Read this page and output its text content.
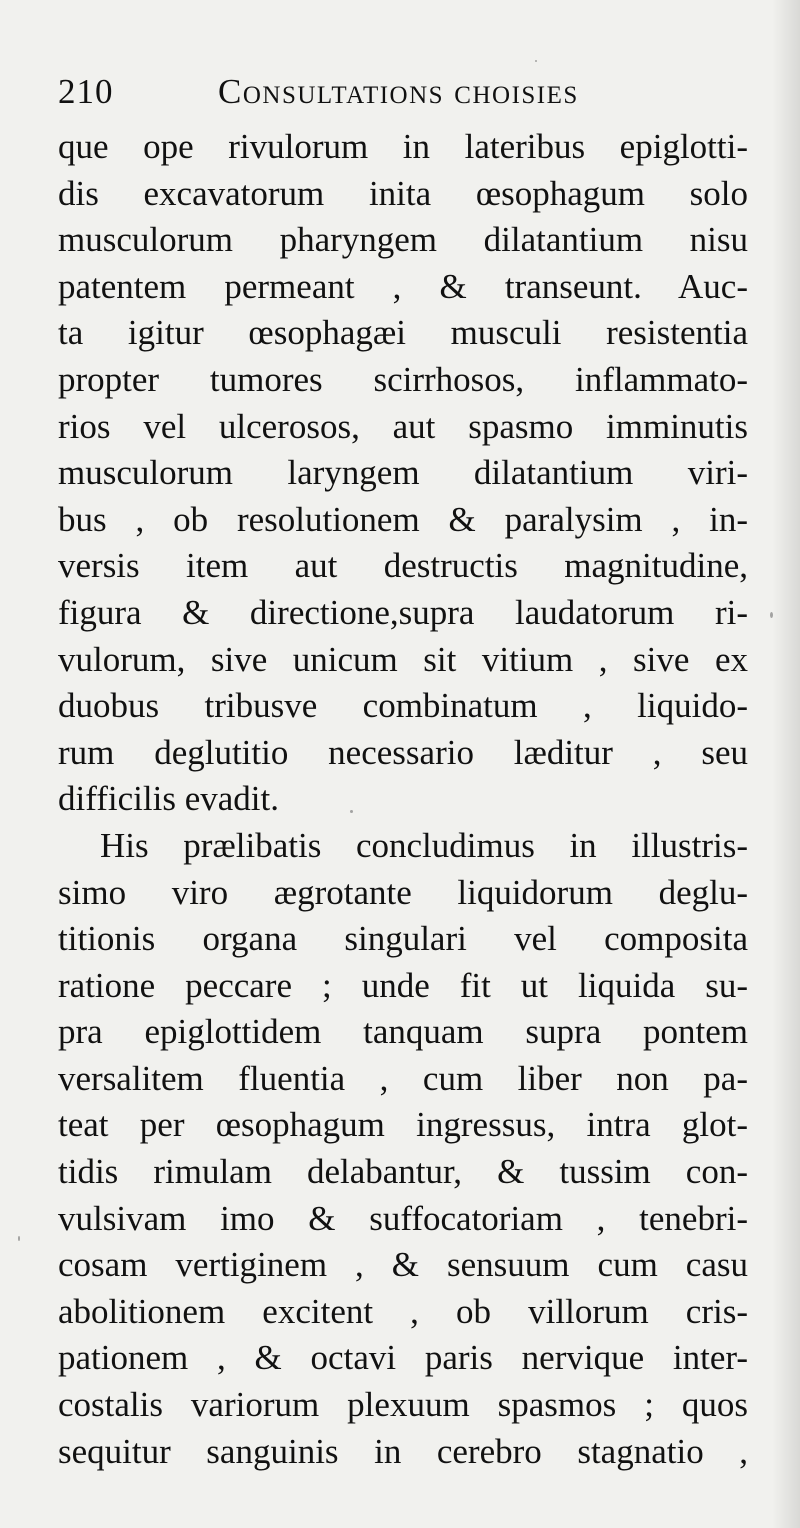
210	Consultations choisies
que ope rivulorum in lateribus epiglotti-
dis excavatorum inita œsophagum solo
musculorum pharyngem dilatantium nisu
patentem permeant , & transeunt. Auc-
ta igitur œsophagæi musculi resistentia
propter tumores scirrhosos, inflammato-
rios vel ulcerosos, aut spasmo imminutis
musculorum laryngem dilatantium viri-
bus , ob resolutionem & paralysim , in-
versis item aut destructis magnitudine,
figura & directione,supra laudatorum ri-
vulorum, sive unicum sit vitium , sive ex
duobus tribusve combinatum , liquido-
rum deglutitio necessario læditur , seu
difficilis evadit.
His prælibatis concludimus in illustris-
simo viro ægrotante liquidorum deglu-
titionis organa singulari vel composita
ratione peccare ; unde fit ut liquida su-
pra epiglottidem tanquam supra pontem
versalitem fluentia , cum liber non pa-
teat per œsophagum ingressus, intra glot-
tidis rimulam delabantur, & tussim con-
vulsivam imo & suffocatoriam , tenebri-
cosam vertiginem , & sensuum cum casu
abolitionem excitent , ob villorum cris-
pationem , & octavi paris nervique inter-
costalis variorum plexuum spasmos ; quos
sequitur sanguinis in cerebro stagnatio ,
